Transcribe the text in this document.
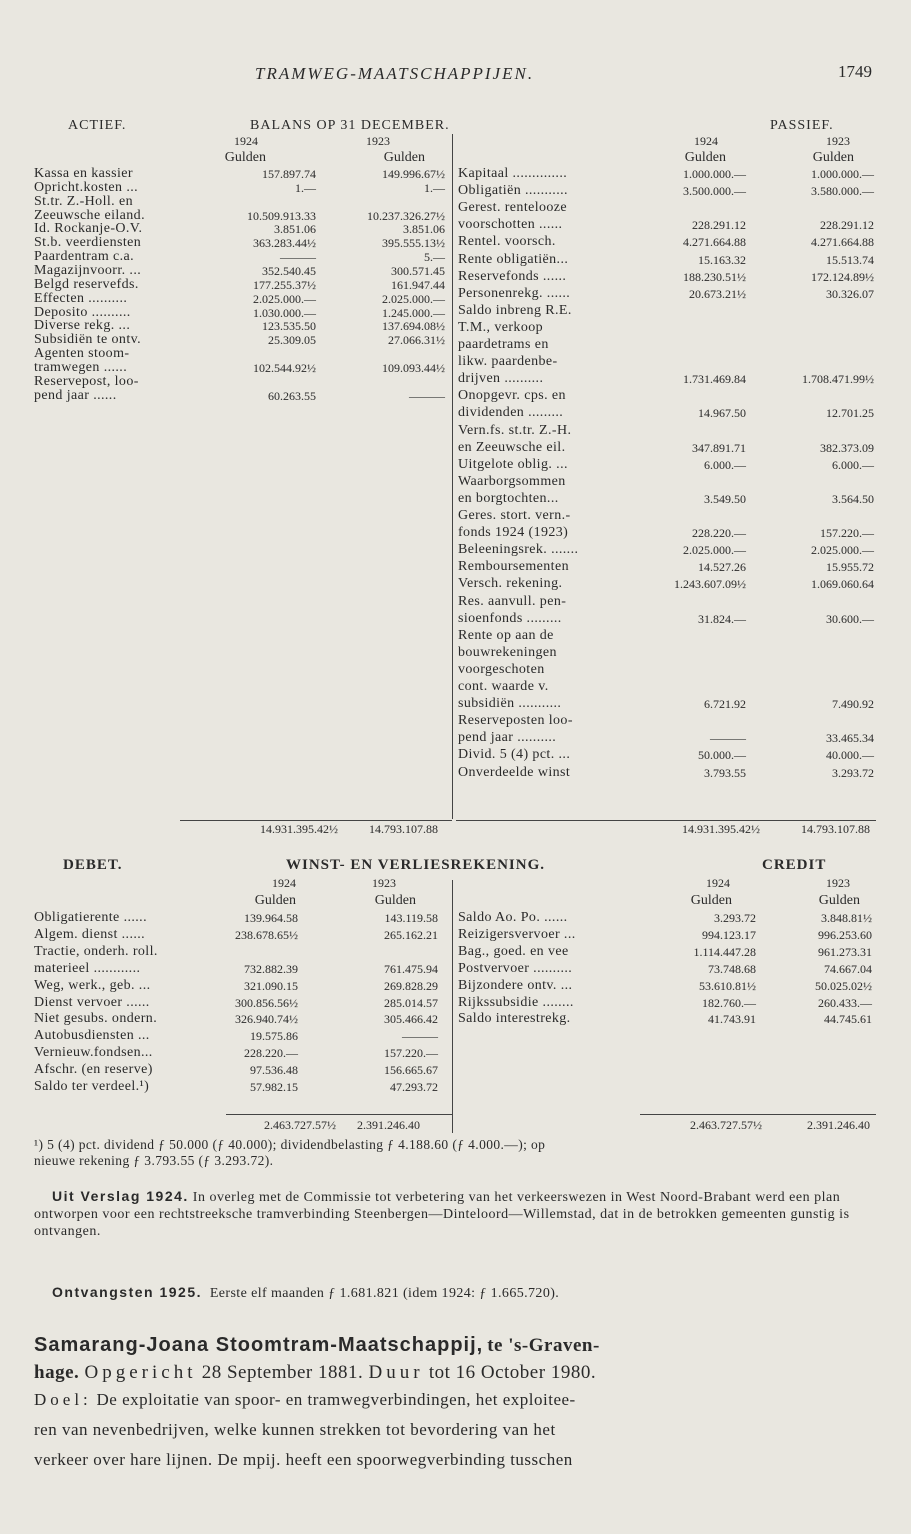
TRAMWEG-MAATSCHAPPIJEN.	1749
ACTIEF.	BALANS OP 31 DECEMBER.	PASSIEF.
1924	1923
Gulden	Gulden
1924	1923
Gulden	Gulden
Kassa en kassier	157.897.74	149.996.67½
Opricht.kosten ...	1.—	1.—
St.tr. Z.-Holl. en
Zeeuwsche eiland.	10.509.913.33	10.237.326.27½
Id. Rockanje-O.V.	3.851.06	3.851.06
St.b. veerdiensten	363.283.44½	395.555.13½
Paardentram c.a.	———	5.—
Magazijnvoorr. ...	352.540.45	300.571.45
Belgd reservefds.	177.255.37½	161.947.44
Effecten ..........	2.025.000.—	2.025.000.—
Deposito ..........	1.030.000.—	1.245.000.—
Diverse rekg. ...	123.535.50	137.694.08½
Subsidiën te ontv.	25.309.05	27.066.31½
Agenten stoom-
tramwegen ......	102.544.92½	109.093.44½
Reservepost, loo-
pend jaar ......	60.263.55	———
Kapitaal ..............	1.000.000.—	1.000.000.—
Obligatiën ...........	3.500.000.—	3.580.000.—
Gerest. rentelooze
voorschotten ......	228.291.12	228.291.12
Rentel. voorsch.	4.271.664.88	4.271.664.88
Rente obligatiën...	15.163.32	15.513.74
Reservefonds ......	188.230.51½	172.124.89½
Personenrekg. ......	20.673.21½	30.326.07
Saldo inbreng R.E.
T.M., verkoop
paardetrams en
likw. paardenbe-
drijven ..........	1.731.469.84	1.708.471.99½
Onopgevr. cps. en
dividenden .........	14.967.50	12.701.25
Vern.fs. st.tr. Z.-H.
en Zeeuwsche eil.	347.891.71	382.373.09
Uitgelote oblig. ...	6.000.—	6.000.—
Waarborgsommen
en borgtochten...	3.549.50	3.564.50
Geres. stort. vern.-
fonds 1924 (1923)	228.220.—	157.220.—
Beleeningsrek. .......	2.025.000.—	2.025.000.—
Remboursementen	14.527.26	15.955.72
Versch. rekening.	1.243.607.09½	1.069.060.64
Res. aanvull. pen-
sioenfonds .........	31.824.—	30.600.—
Rente op aan de
bouwrekeningen
voorgeschoten
cont. waarde v.
subsidiën ...........	6.721.92	7.490.92
Reserveposten loo-
pend jaar ..........	———	33.465.34
Divid. 5 (4) pct. ...	50.000.—	40.000.—
Onverdeelde winst	3.793.55	3.293.72
14.931.395.42½	14.793.107.88	14.931.395.42½	14.793.107.88
DEBET.	WINST- EN VERLIESREKENING.	CREDIT
1924	1923
Gulden	Gulden
1924	1923
Gulden	Gulden
Obligatierente ......	139.964.58	143.119.58
Algem. dienst ......	238.678.65½	265.162.21
Tractie, onderh. roll.
materieel ............	732.882.39	761.475.94
Weg, werk., geb. ...	321.090.15	269.828.29
Dienst vervoer ......	300.856.56½	285.014.57
Niet gesubs. ondern.	326.940.74½	305.466.42
Autobusdiensten ...	19.575.86	———
Vernieuw.fondsen...	228.220.—	157.220.—
Afschr. (en reserve)	97.536.48	156.665.67
Saldo ter verdeel.¹)	57.982.15	47.293.72
Saldo Ao. Po. ......	3.293.72	3.848.81½
Reizigersvervoer ...	994.123.17	996.253.60
Bag., goed. en vee	1.114.447.28	961.273.31
Postvervoer ..........	73.748.68	74.667.04
Bijzondere ontv. ...	53.610.81½	50.025.02½
Rijkssubsidie ........	182.760.—	260.433.—
Saldo interestrekg.	41.743.91	44.745.61
2.463.727.57½	2.391.246.40	2.463.727.57½	2.391.246.40
¹) 5 (4) pct. dividend ƒ 50.000 (ƒ 40.000); dividendbelasting ƒ 4.188.60 (ƒ 4.000.—); op
nieuwe rekening ƒ 3.793.55 (ƒ 3.293.72).
Uit Verslag 1924. In overleg met de Commissie tot verbetering van het verkeerswezen in West Noord-Brabant werd een plan ontworpen voor een rechtstreeksche tramverbinding Steenbergen—Dinteloord—Willemstad, dat in de betrokken gemeenten gunstig is ontvangen.
Ontvangsten 1925. Eerste elf maanden ƒ 1.681.821 (idem 1924: ƒ 1.665.720).
Samarang-Joana Stoomtram-Maatschappij, te 's-Graven-
hage. Opgericht 28 September 1881. Duur tot 16 October 1980.
Doel: De exploitatie van spoor- en tramwegverbindingen, het exploitee-
ren van nevenbedrijven, welke kunnen strekken tot bevordering van het
verkeer over hare lijnen. De mpij. heeft een spoorwegverbinding tusschen
